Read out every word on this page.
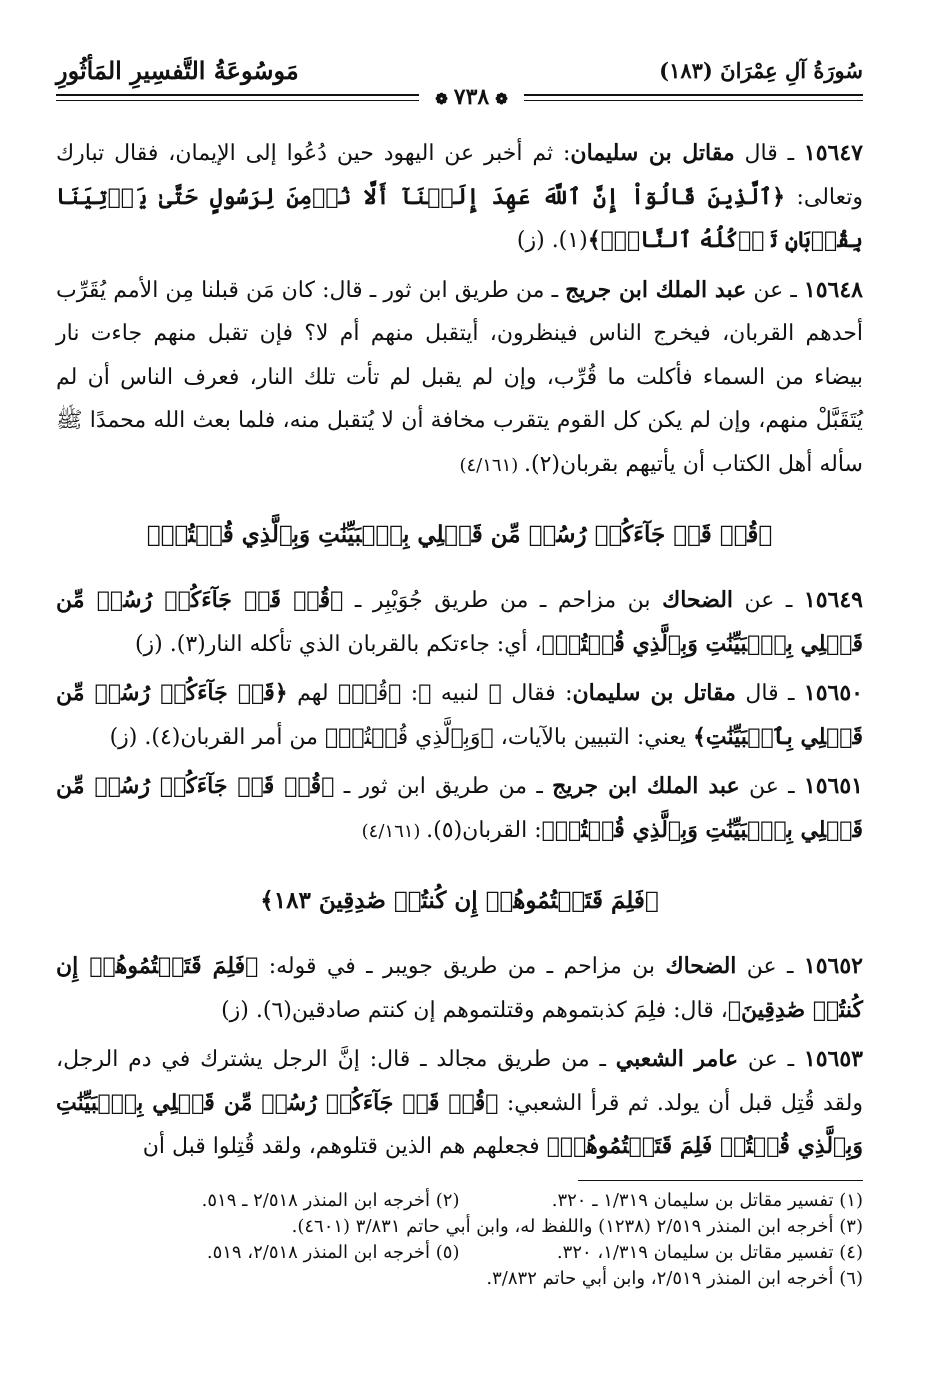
سُورَةُ آلِ عِمْرَانَ (١٨٣)
مَوسُوعَةُ التَّفسِيرِ المَأثُورِ
❁٧٣٨❁

١٥٦٤٧ ـ قال مقاتل بن سليمان: ثم أخبر عن اليهود حين دُعُوا إلى الإيمان، فقال تبارك وتعالى: ﴿ٱلَّذِينَ قَالُوٓاْ إِنَّ ٱللَّهَ عَهِدَ إِلَيۡنَآ أَلَّا نُؤۡمِنَ لِرَسُولٍ حَتَّىٰ يَأۡتِيَنَا بِقُرۡبَانٖ تَأۡكُلُهُ ٱلنَّارُۗ﴾(١). (ز)

١٥٦٤٨ ـ عن عبد الملك ابن جريج ـ من طريق ابن ثور ـ قال: كان مَن قبلنا مِن الأمم يُقَرِّب أحدهم القربان، فيخرج الناس فينظرون، أيتقبل منهم أم لا؟ فإن تقبل منهم جاءت نار بيضاء من السماء فأكلت ما قُرِّب، وإن لم يقبل لم تأت تلك النار، فعرف الناس أن لم يُتَقَبَّلْ منهم، وإن لم يكن كل القوم يتقرب مخافة أن لا يُتقبل منه، فلما بعث الله محمدًا ﷺ سأله أهل الكتاب أن يأتيهم بقربان(٢). (٤/١٦١)

﴿قُلۡ قَدۡ جَآءَكُمۡ رُسُلٞ مِّن قَبۡلِي بِٱلۡبَيِّنَٰتِ وَبِٱلَّذِي قُلۡتُمۡ﴾

١٥٦٤٩ ـ عن الضحاك بن مزاحم ـ من طريق جُوَيْبِر ـ ﴿قُلۡ قَدۡ جَآءَكُمۡ رُسُلٞ مِّن قَبۡلِي بِٱلۡبَيِّنَٰتِ وَبِٱلَّذِي قُلۡتُمۡ﴾، أي: جاءتكم بالقربان الذي تأكله النار(٣). (ز)

١٥٦٥٠ ـ قال مقاتل بن سليمان: فقال ﷻ لنبيه ﷺ: ﴿قُلۡ﴾ لهم ﴿قَدۡ جَآءَكُمۡ رُسُلٞ مِّن قَبۡلِي بِٱلۡبَيِّنَٰتِ﴾ يعني: التبيين بالآيات، ﴿وَبِٱلَّذِي قُلۡتُمۡ﴾ من أمر القربان(٤). (ز)

١٥٦٥١ ـ عن عبد الملك ابن جريج ـ من طريق ابن ثور ـ ﴿قُلۡ قَدۡ جَآءَكُمۡ رُسُلٞ مِّن قَبۡلِي بِٱلۡبَيِّنَٰتِ وَبِٱلَّذِي قُلۡتُمۡ﴾: القربان(٥). (٤/١٦١)

﴿فَلِمَ قَتَلۡتُمُوهُمۡ إِن كُنتُمۡ صَٰدِقِينَ ١٨٣﴾

١٥٦٥٢ ـ عن الضحاك بن مزاحم ـ من طريق جويبر ـ في قوله: ﴿فَلِمَ قَتَلۡتُمُوهُمۡ إِن كُنتُمۡ صَٰدِقِينَ﴾، قال: فلِمَ كذبتموهم وقتلتموهم إن كنتم صادقين(٦). (ز)

١٥٦٥٣ ـ عن عامر الشعبي ـ من طريق مجالد ـ قال: إنَّ الرجل يشترك في دم الرجل، ولقد قُتِل قبل أن يولد. ثم قرأ الشعبي: ﴿قُلۡ قَدۡ جَآءَكُمۡ رُسُلٞ مِّن قَبۡلِي بِٱلۡبَيِّنَٰتِ وَبِٱلَّذِي قُلۡتُمۡ فَلِمَ قَتَلۡتُمُوهُمۡ﴾ فجعلهم هم الذين قتلوهم، ولقد قُتِلوا قبل أن

(١) تفسير مقاتل بن سليمان ١/٣١٩ ـ ٣٢٠.
(٢) أخرجه ابن المنذر ٢/٥١٨ ـ ٥١٩.
(٣) أخرجه ابن المنذر ٢/٥١٩ (١٢٣٨) واللفظ له، وابن أبي حاتم ٣/٨٣١ (٤٦٠١).
(٤) تفسير مقاتل بن سليمان ١/٣١٩، ٣٢٠.
(٥) أخرجه ابن المنذر ٢/٥١٨، ٥١٩.
(٦) أخرجه ابن المنذر ٢/٥١٩، وابن أبي حاتم ٣/٨٣٢.
